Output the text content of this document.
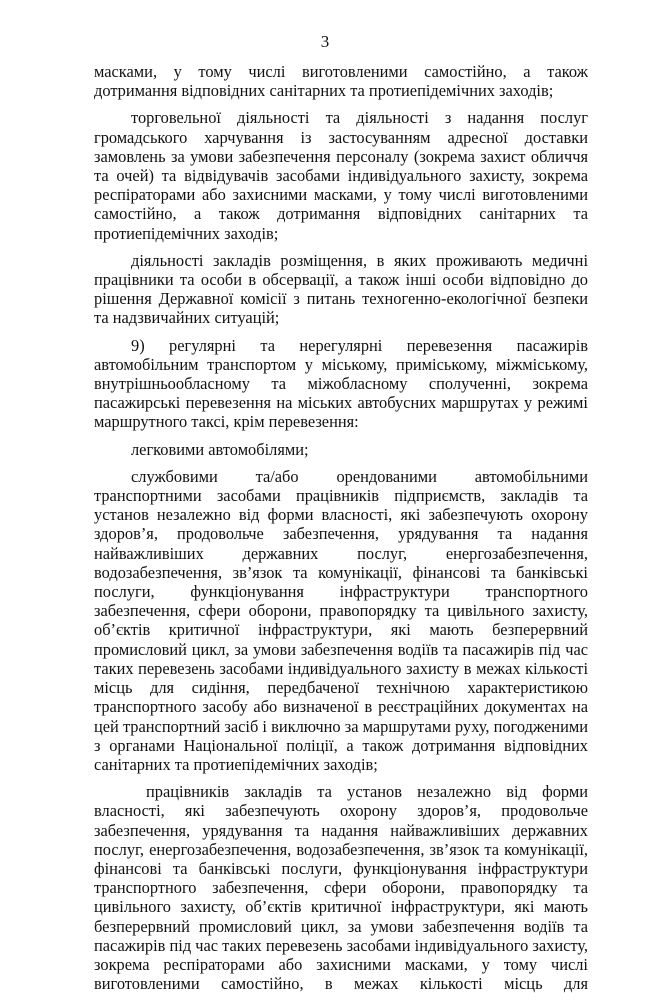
3

масками, у тому числі виготовленими самостійно, а також дотримання відповідних санітарних та протиепідемічних заходів;

торговельної діяльності та діяльності з надання послуг громадського харчування із застосуванням адресної доставки замовлень за умови забезпечення персоналу (зокрема захист обличчя та очей) та відвідувачів засобами індивідуального захисту, зокрема респіраторами або захисними масками, у тому числі виготовленими самостійно, а також дотримання відповідних санітарних та протиепідемічних заходів;

діяльності закладів розміщення, в яких проживають медичні працівники та особи в обсервації, а також інші особи відповідно до рішення Державної комісії з питань техногенно-екологічної безпеки та надзвичайних ситуацій;

9) регулярні та нерегулярні перевезення пасажирів автомобільним транспортом у міському, приміському, міжміському, внутрішньообласному та міжобласному сполученні, зокрема пасажирські перевезення на міських автобусних маршрутах у режимі маршрутного таксі, крім перевезення:

легковими автомобілями;

службовими та/або орендованими автомобільними транспортними засобами працівників підприємств, закладів та установ незалежно від форми власності, які забезпечують охорону здоров’я, продовольче забезпечення, урядування та надання найважливіших державних послуг, енергозабезпечення, водозабезпечення, зв’язок та комунікації, фінансові та банківські послуги, функціонування інфраструктури транспортного забезпечення, сфери оборони, правопорядку та цивільного захисту, об’єктів критичної інфраструктури, які мають безперервний промисловий цикл, за умови забезпечення водіїв та пасажирів під час таких перевезень засобами індивідуального захисту в межах кількості місць для сидіння, передбаченої технічною характеристикою транспортного засобу або визначеної в реєстраційних документах на цей транспортний засіб і виключно за маршрутами руху, погодженими з органами Національної поліції, а також дотримання відповідних санітарних та протиепідемічних заходів;

працівників закладів та установ незалежно від форми власності, які забезпечують охорону здоров’я, продовольче забезпечення, урядування та надання найважливіших державних послуг, енергозабезпечення, водозабезпечення, зв’язок та комунікації, фінансові та банківські послуги, функціонування інфраструктури транспортного забезпечення, сфери оборони, правопорядку та цивільного захисту, об’єктів критичної інфраструктури, які мають безперервний промисловий цикл, за умови забезпечення водіїв та пасажирів під час таких перевезень засобами індивідуального захисту, зокрема респіраторами або захисними масками, у тому числі виготовленими самостійно, в межах кількості місць для
